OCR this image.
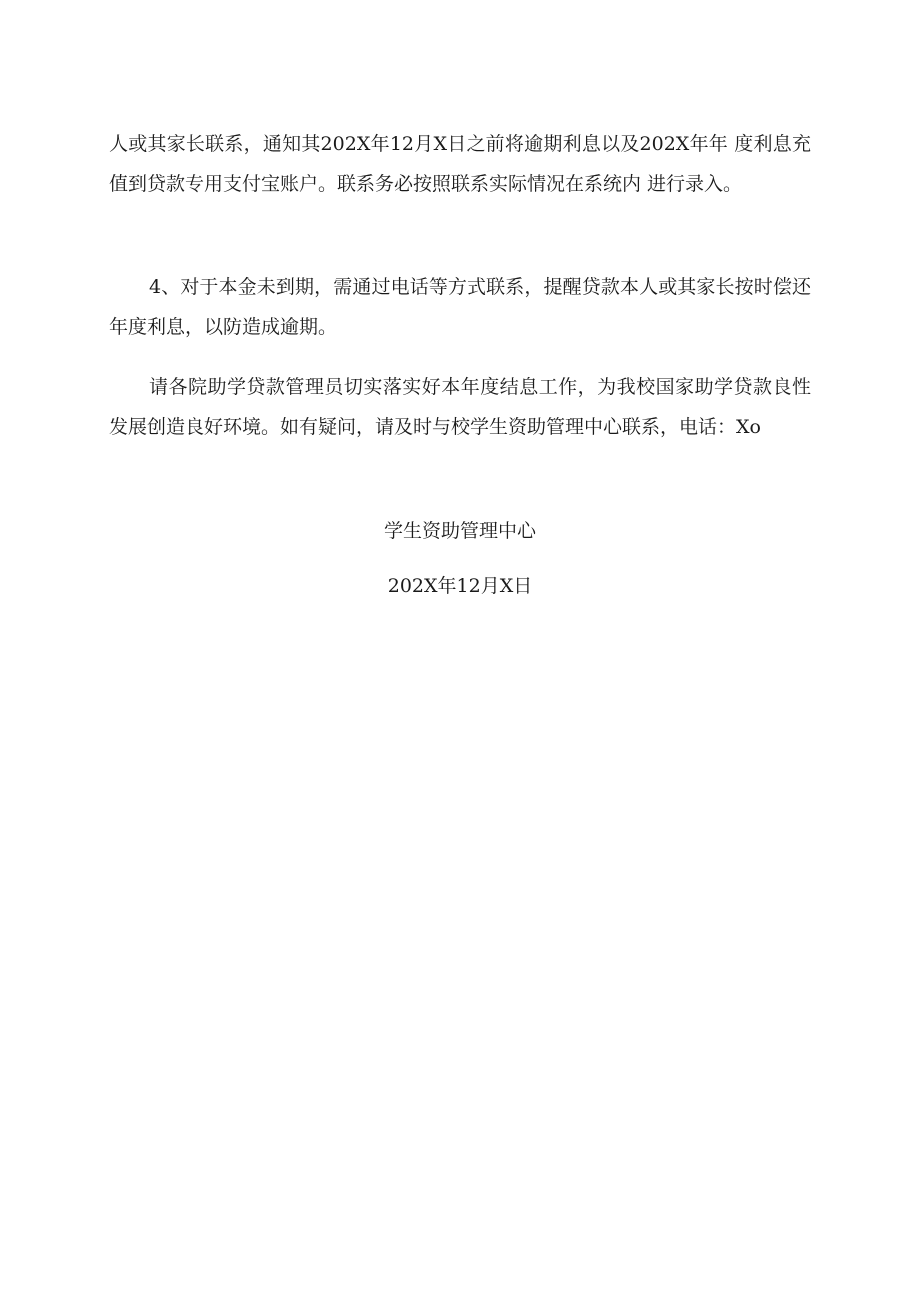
人或其家长联系，通知其202X年12月X日之前将逾期利息以及202X年年 度利息充值到贷款专用支付宝账户。联系务必按照联系实际情况在系统内 进行录入。

4、对于本金未到期，需通过电话等方式联系，提醒贷款本人或其家长按时偿还年度利息，以防造成逾期。

请各院助学贷款管理员切实落实好本年度结息工作，为我校国家助学贷款良性发展创造良好环境。如有疑问，请及时与校学生资助管理中心联系，电话：Xo

学生资助管理中心

202X年12月X日
